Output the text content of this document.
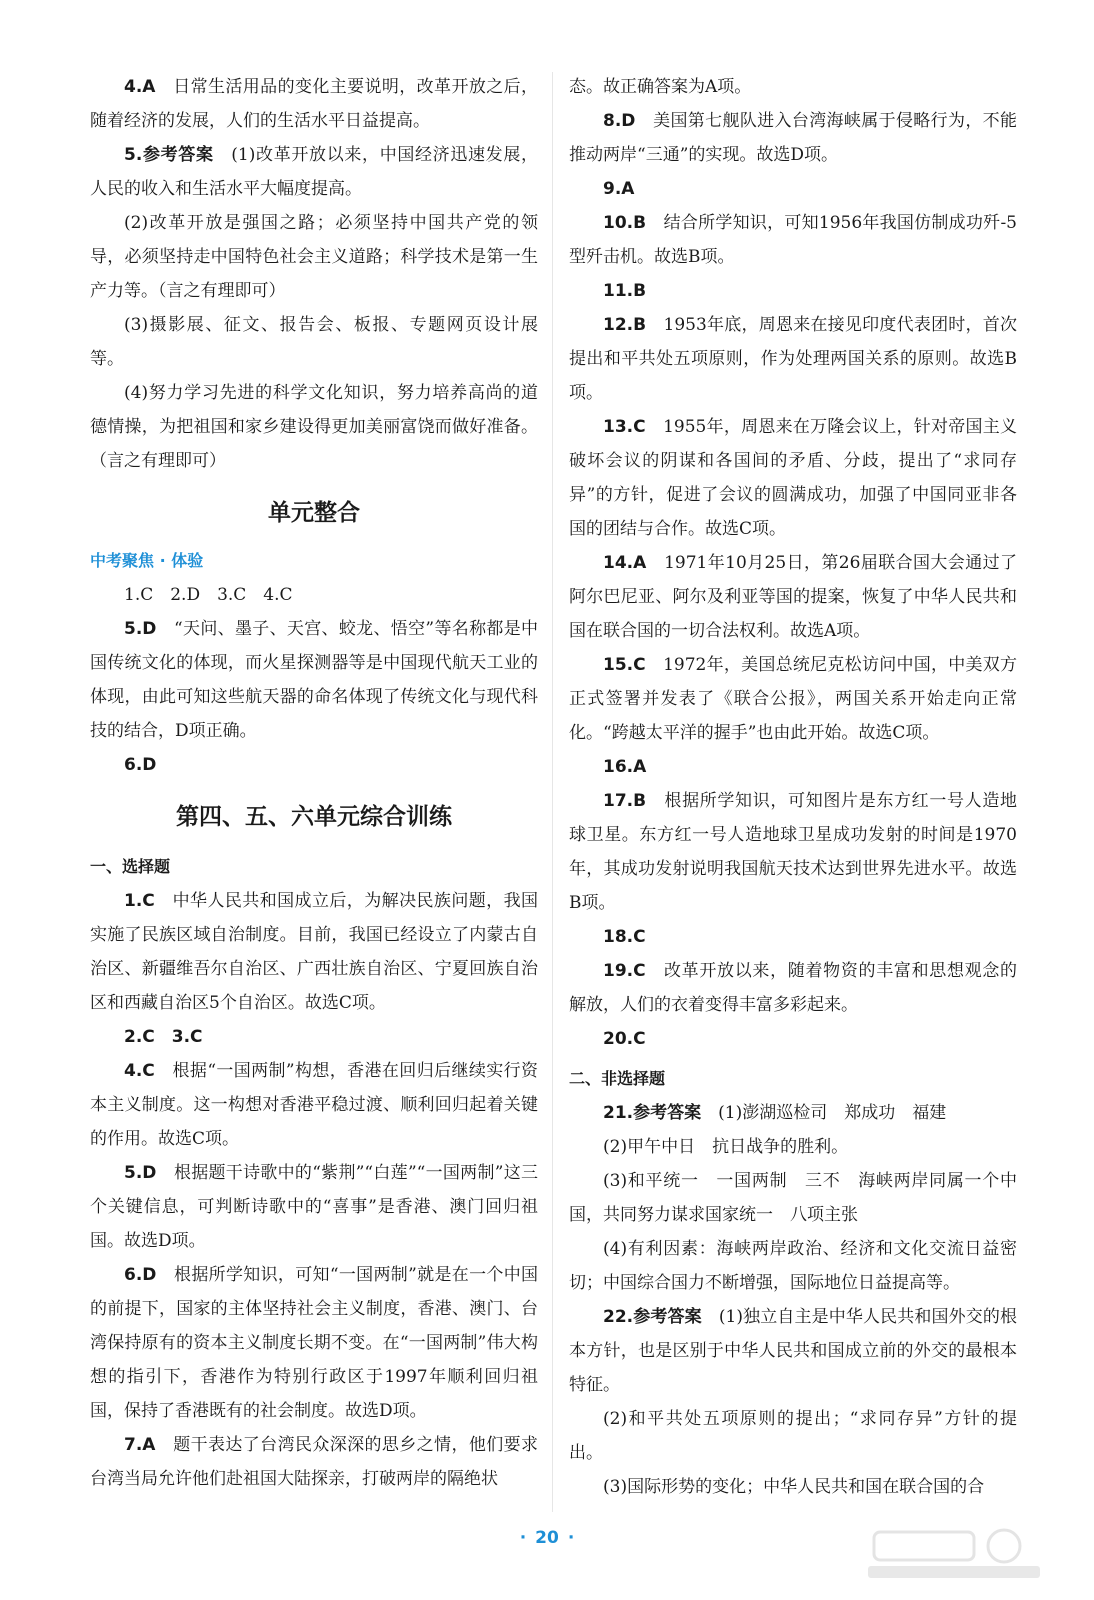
4.A　 日常生活用品的变化主要说明，改革开放之后，随着经济的发展，人们的生活水平日益提高。

5.参考答案　 (1)改革开放以来，中国经济迅速发展，人民的收入和生活水平大幅度提高。

(2)改革开放是强国之路；必须坚持中国共产党的领导，必须坚持走中国特色社会主义道路；科学技术是第一生产力等。（言之有理即可）

(3)摄影展、征文、报告会、板报、专题网页设计展等。

(4)努力学习先进的科学文化知识，努力培养高尚的道德情操，为把祖国和家乡建设得更加美丽富饶而做好准备。（言之有理即可）

单元整合
中考聚焦 · 体验

1.C　2.D　3.C　4.C

5.D　 “天问、墨子、天宫、蛟龙、悟空”等名称都是中国传统文化的体现，而火星探测器等是中国现代航天工业的体现，由此可知这些航天器的命名体现了传统文化与现代科技的结合，D项正确。

6.D

第四、五、六单元综合训练
一、选择题

1.C　 中华人民共和国成立后，为解决民族问题，我国实施了民族区域自治制度。目前，我国已经设立了内蒙古自治区、新疆维吾尔自治区、广西壮族自治区、宁夏回族自治区和西藏自治区5个自治区。故选C项。

2.C　3.C

4.C　 根据“一国两制”构想，香港在回归后继续实行资本主义制度。这一构想对香港平稳过渡、顺利回归起着关键的作用。故选C项。

5.D　 根据题干诗歌中的“紫荆”“白莲”“一国两制”这三个关键信息，可判断诗歌中的“喜事”是香港、澳门回归祖国。故选D项。

6.D　 根据所学知识，可知“一国两制”就是在一个中国的前提下，国家的主体坚持社会主义制度，香港、澳门、台湾保持原有的资本主义制度长期不变。在“一国两制”伟大构想的指引下，香港作为特别行政区于1997年顺利回归祖国，保持了香港既有的社会制度。故选D项。

7.A　 题干表达了台湾民众深深的思乡之情，他们要求台湾当局允许他们赴祖国大陆探亲，打破两岸的隔绝状

态。故正确答案为A项。

8.D　 美国第七舰队进入台湾海峡属于侵略行为，不能推动两岸“三通”的实现。故选D项。

9.A

10.B　 结合所学知识，可知1956年我国仿制成功歼-5型歼击机。故选B项。

11.B

12.B　 1953年底，周恩来在接见印度代表团时，首次提出和平共处五项原则，作为处理两国关系的原则。故选B项。

13.C　 1955年，周恩来在万隆会议上，针对帝国主义破坏会议的阴谋和各国间的矛盾、分歧，提出了“求同存异”的方针，促进了会议的圆满成功，加强了中国同亚非各国的团结与合作。故选C项。

14.A　 1971年10月25日，第26届联合国大会通过了阿尔巴尼亚、阿尔及利亚等国的提案，恢复了中华人民共和国在联合国的一切合法权利。故选A项。

15.C　 1972年，美国总统尼克松访问中国，中美双方正式签署并发表了《联合公报》，两国关系开始走向正常化。“跨越太平洋的握手”也由此开始。故选C项。

16.A

17.B　 根据所学知识，可知图片是东方红一号人造地球卫星。东方红一号人造地球卫星成功发射的时间是1970年，其成功发射说明我国航天技术达到世界先进水平。故选B项。

18.C

19.C　 改革开放以来，随着物资的丰富和思想观念的解放，人们的衣着变得丰富多彩起来。

20.C

二、非选择题

21.参考答案　 (1)澎湖巡检司　郑成功　福建

(2)甲午中日　抗日战争的胜利。

(3)和平统一　一国两制　三不　海峡两岸同属一个中国，共同努力谋求国家统一　八项主张

(4)有利因素：海峡两岸政治、经济和文化交流日益密切；中国综合国力不断增强，国际地位日益提高等。

22.参考答案　 (1)独立自主是中华人民共和国外交的根本方针，也是区别于中华人民共和国成立前的外交的最根本特征。

(2)和平共处五项原则的提出；“求同存异”方针的提出。

(3)国际形势的变化；中华人民共和国在联合国的合

· 20 ·
